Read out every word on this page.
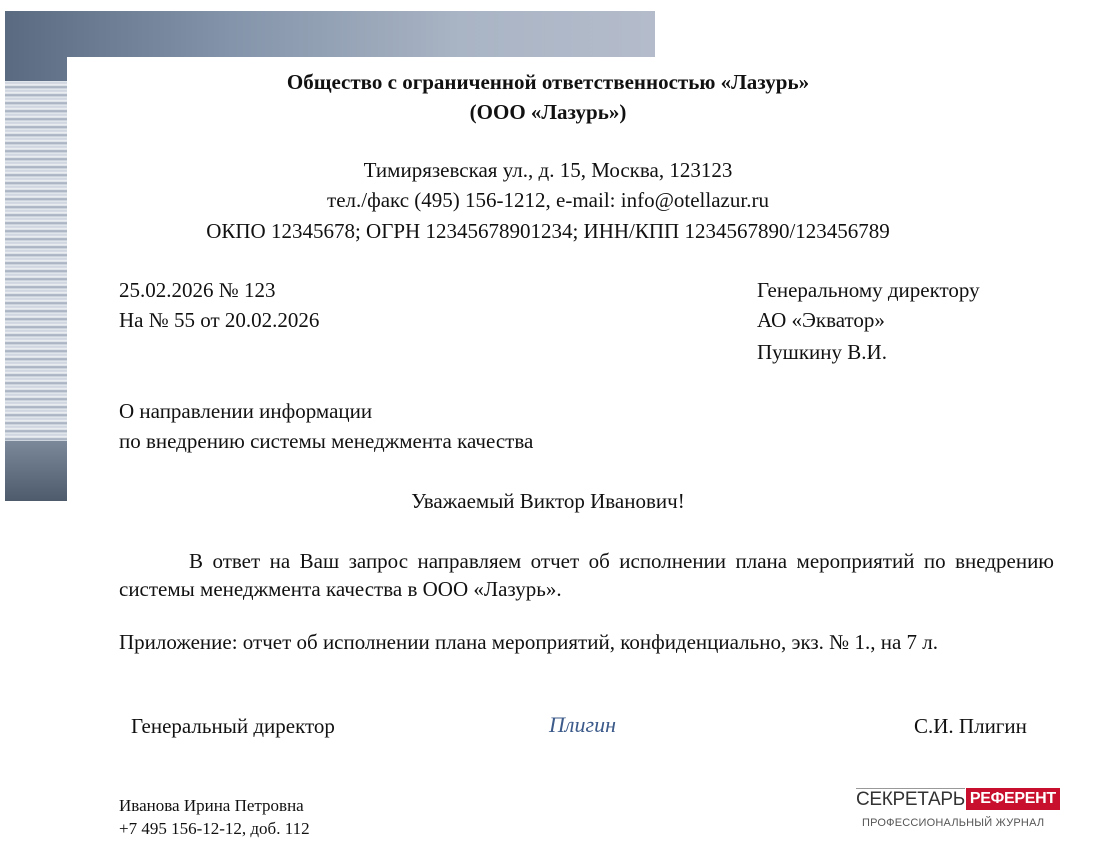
Общество с ограниченной ответственностью «Лазурь»
(ООО «Лазурь»)
Тимирязевская ул., д. 15, Москва, 123123
тел./факс (495) 156-1212, e-mail: info@otellazur.ru
ОКПО 12345678; ОГРН 12345678901234; ИНН/КПП 1234567890/123456789
25.02.2026 № 123
На № 55 от 20.02.2026
Генеральному директору
АО «Экватор»
Пушкину В.И.
О направлении информации
по внедрению системы менеджмента качества
Уважаемый Виктор Иванович!
В ответ на Ваш запрос направляем отчет об исполнении плана мероприятий по внедрению системы менеджмента качества в ООО «Лазурь».
Приложение: отчет об исполнении плана мероприятий, конфиденциально, экз. № 1., на 7 л.
Генеральный директор	Плигин	С.И. Плигин
Иванова Ирина Петровна
+7 495 156-12-12, доб. 112
СЕКРЕТАРЬ РЕФЕРЕНТ
ПРОФЕССИОНАЛЬНЫЙ ЖУРНАЛ
